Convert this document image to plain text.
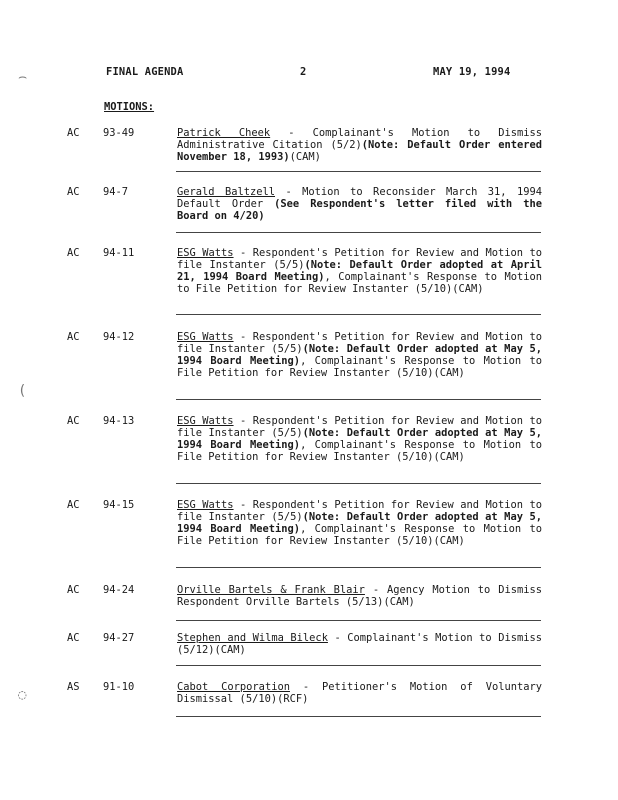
⌢
(
◌
FINAL AGENDA	2	MAY 19, 1994
MOTIONS:
AC 93-49	Patrick Cheek - Complainant's Motion to Dismiss Administrative Citation (5/2)(Note: Default Order entered November 18, 1993)(CAM)
AC 94-7	Gerald Baltzell - Motion to Reconsider March 31, 1994 Default Order (See Respondent's letter filed with the Board on 4/20)
AC 94-11	ESG Watts - Respondent's Petition for Review and Motion to file Instanter (5/5)(Note: Default Order adopted at April 21, 1994 Board Meeting), Complainant's Response to Motion to File Petition for Review Instanter (5/10)(CAM)
AC 94-12	ESG Watts - Respondent's Petition for Review and Motion to file Instanter (5/5)(Note: Default Order adopted at May 5, 1994 Board Meeting), Complainant's Response to Motion to File Petition for Review Instanter (5/10)(CAM)
AC 94-13	ESG Watts - Respondent's Petition for Review and Motion to file Instanter (5/5)(Note: Default Order adopted at May 5, 1994 Board Meeting), Complainant's Response to Motion to File Petition for Review Instanter (5/10)(CAM)
AC 94-15	ESG Watts - Respondent's Petition for Review and Motion to file Instanter (5/5)(Note: Default Order adopted at May 5, 1994 Board Meeting), Complainant's Response to Motion to File Petition for Review Instanter (5/10)(CAM)
AC 94-24	Orville Bartels & Frank Blair - Agency Motion to Dismiss Respondent Orville Bartels (5/13)(CAM)
AC 94-27	Stephen and Wilma Bileck - Complainant's Motion to Dismiss (5/12)(CAM)
AS 91-10	Cabot Corporation - Petitioner's Motion of Voluntary Dismissal (5/10)(RCF)
